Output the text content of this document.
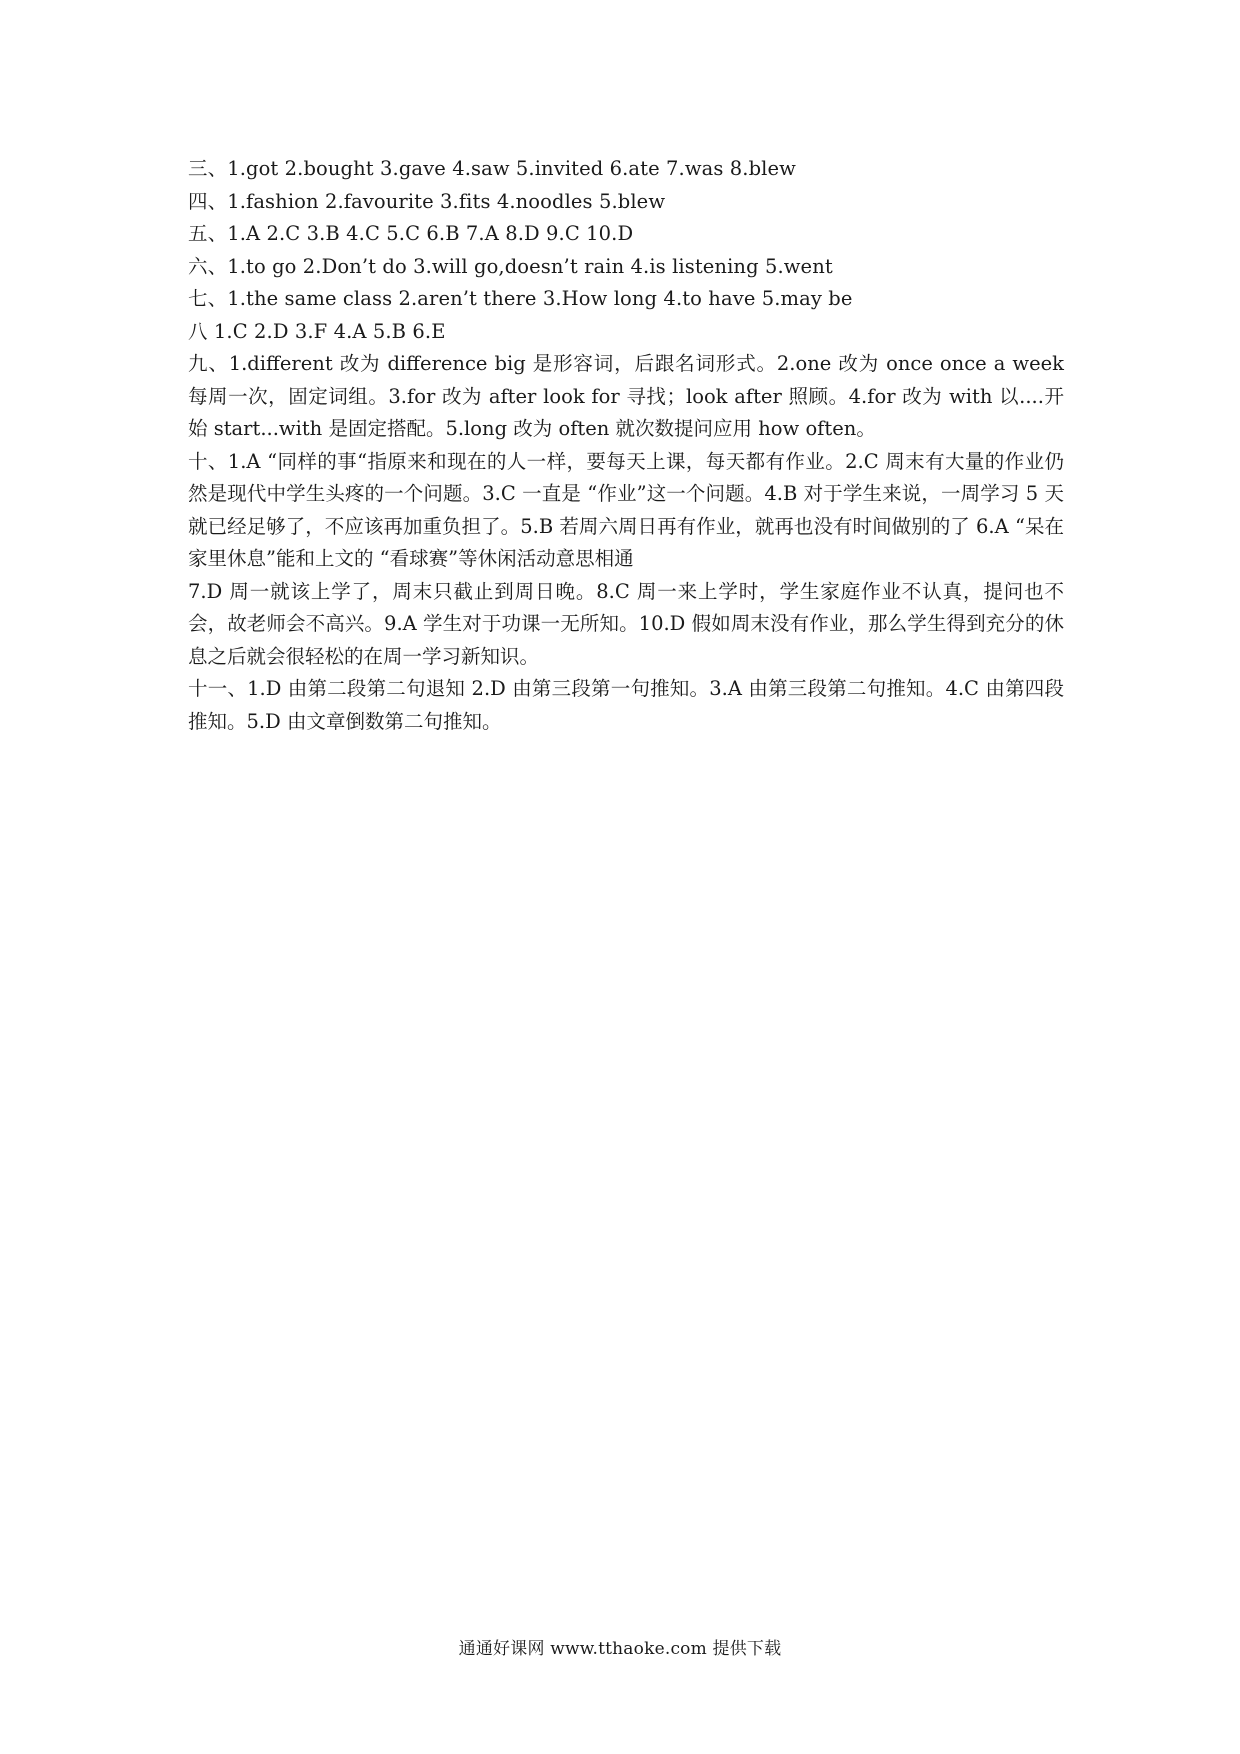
三、1.got 2.bought 3.gave 4.saw 5.invited 6.ate 7.was 8.blew
四、1.fashion 2.favourite 3.fits 4.noodles 5.blew
五、1.A 2.C 3.B 4.C 5.C 6.B 7.A 8.D 9.C 10.D
六、1.to go 2.Don’t do 3.will go,doesn’t rain 4.is listening 5.went
七、1.the same class 2.aren’t there 3.How long 4.to have 5.may be
八 1.C 2.D 3.F 4.A 5.B 6.E
九、1.different 改为 difference big 是形容词，后跟名词形式。2.one 改为 once once a week 每周一次，固定词组。3.for 改为 after look for 寻找；look after 照顾。4.for 改为 with 以....开始 start...with 是固定搭配。5.long 改为 often 就次数提问应用 how often。
十、1.A “同样的事“指原来和现在的人一样，要每天上课，每天都有作业。2.C 周末有大量的作业仍然是现代中学生头疼的一个问题。3.C 一直是 “作业”这一个问题。4.B 对于学生来说，一周学习 5 天就已经足够了，不应该再加重负担了。5.B 若周六周日再有作业，就再也没有时间做别的了 6.A “呆在家里休息”能和上文的 “看球赛”等休闲活动意思相通
7.D 周一就该上学了，周末只截止到周日晚。8.C 周一来上学时，学生家庭作业不认真，提问也不会，故老师会不高兴。9.A 学生对于功课一无所知。10.D 假如周末没有作业，那么学生得到充分的休息之后就会很轻松的在周一学习新知识。
十一、1.D 由第二段第二句退知 2.D 由第三段第一句推知。3.A 由第三段第二句推知。4.C 由第四段推知。5.D 由文章倒数第二句推知。
通通好课网 www.tthaoke.com 提供下载
